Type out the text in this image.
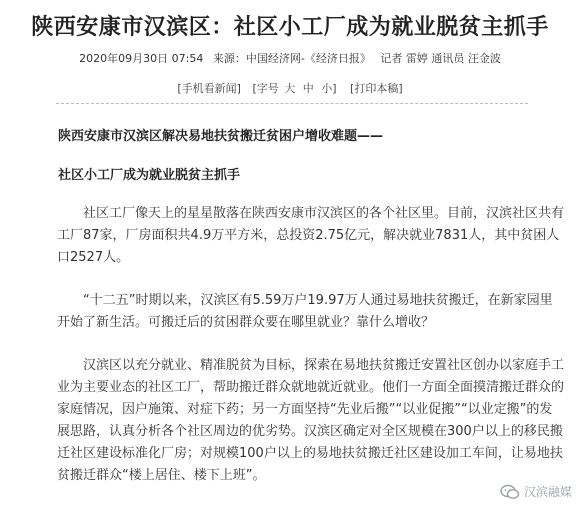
陕西安康市汉滨区：社区小工厂成为就业脱贫主抓手
2020年09月30日 07:54 来源：中国经济网-《经济日报》 记者 雷婷 通讯员 汪金波
[手机看新闻] [字号 大 中 小] [打印本稿]
陕西安康市汉滨区解决易地扶贫搬迁贫困户增收难题——
社区小工厂成为就业脱贫主抓手

社区工厂像天上的星星散落在陕西安康市汉滨区的各个社区里。目前，汉滨社区共有工厂87家，厂房面积共4.9万平方米，总投资2.75亿元，解决就业7831人，其中贫困人口2527人。

“十二五”时期以来，汉滨区有5.59万户19.97万人通过易地扶贫搬迁，在新家园里开始了新生活。可搬迁后的贫困群众要在哪里就业？靠什么增收？

汉滨区以充分就业、精准脱贫为目标，探索在易地扶贫搬迁安置社区创办以家庭手工业为主要业态的社区工厂，帮助搬迁群众就地就近就业。他们一方面全面摸清搬迁群众的家庭情况，因户施策、对症下药；另一方面坚持“先业后搬”“以业促搬”“以业定搬”的发展思路，认真分析各个社区周边的优劣势。汉滨区确定对全区规模在300户以上的移民搬迁社区建设标准化厂房；对规模100户以上的易地扶贫搬迁社区建设加工车间，让易地扶贫搬迁群众“楼上居住、楼下上班”。

汉滨融媒
